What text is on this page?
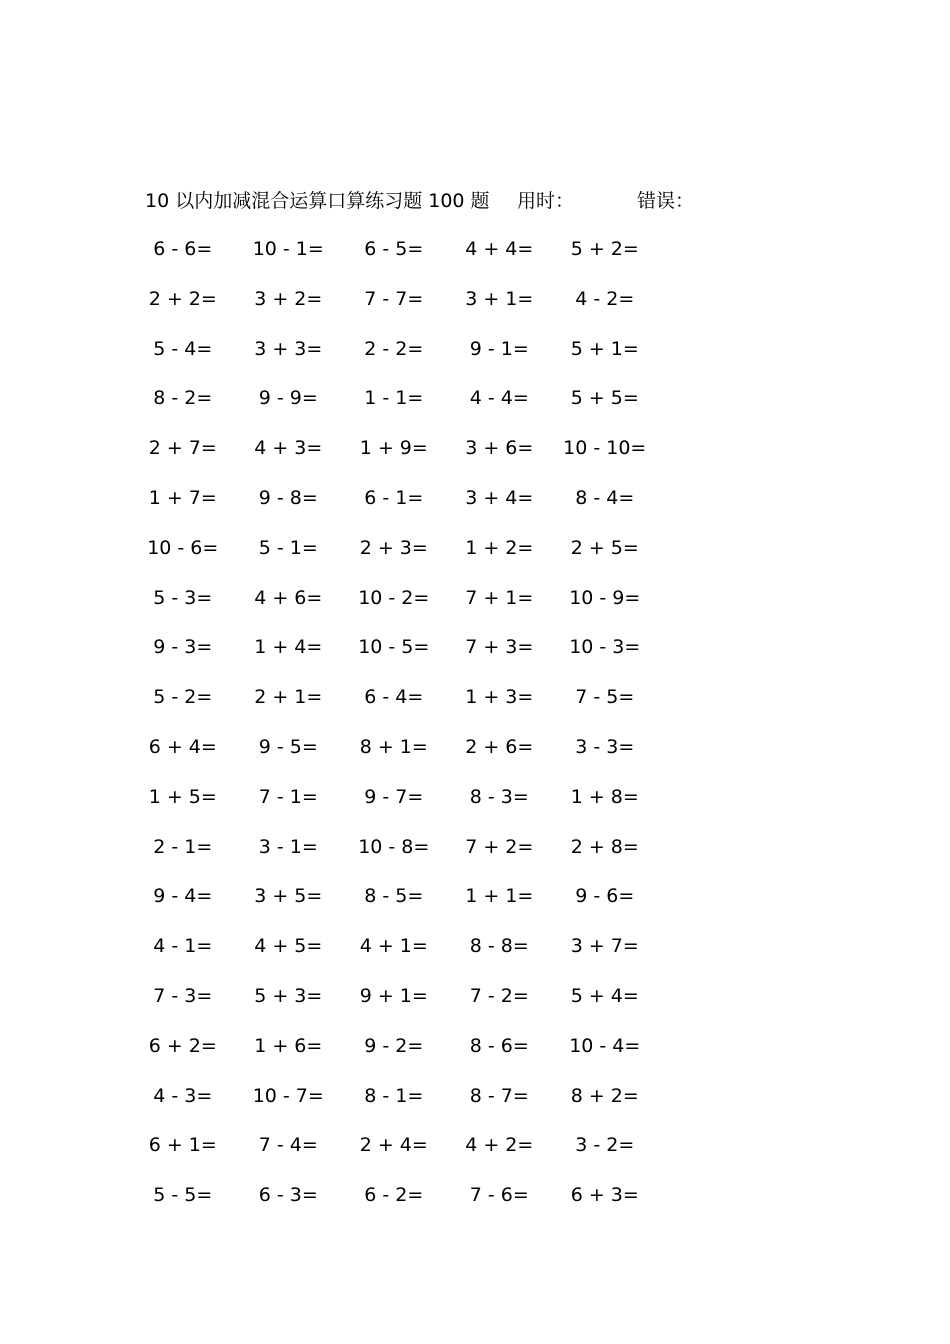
10 以内加减混合运算口算练习题 100 题 用时：	错误：
6 - 6=	10 - 1=	6 - 5=	4 + 4=	5 + 2=
2 + 2=	3 + 2=	7 - 7=	3 + 1=	4 - 2=
5 - 4=	3 + 3=	2 - 2=	9 - 1=	5 + 1=
8 - 2=	9 - 9=	1 - 1=	4 - 4=	5 + 5=
2 + 7=	4 + 3=	1 + 9=	3 + 6=	10 - 10=
1 + 7=	9 - 8=	6 - 1=	3 + 4=	8 - 4=
10 - 6=	5 - 1=	2 + 3=	1 + 2=	2 + 5=
5 - 3=	4 + 6=	10 - 2=	7 + 1=	10 - 9=
9 - 3=	1 + 4=	10 - 5=	7 + 3=	10 - 3=
5 - 2=	2 + 1=	6 - 4=	1 + 3=	7 - 5=
6 + 4=	9 - 5=	8 + 1=	2 + 6=	3 - 3=
1 + 5=	7 - 1=	9 - 7=	8 - 3=	1 + 8=
2 - 1=	3 - 1=	10 - 8=	7 + 2=	2 + 8=
9 - 4=	3 + 5=	8 - 5=	1 + 1=	9 - 6=
4 - 1=	4 + 5=	4 + 1=	8 - 8=	3 + 7=
7 - 3=	5 + 3=	9 + 1=	7 - 2=	5 + 4=
6 + 2=	1 + 6=	9 - 2=	8 - 6=	10 - 4=
4 - 3=	10 - 7=	8 - 1=	8 - 7=	8 + 2=
6 + 1=	7 - 4=	2 + 4=	4 + 2=	3 - 2=
5 - 5=	6 - 3=	6 - 2=	7 - 6=	6 + 3=
